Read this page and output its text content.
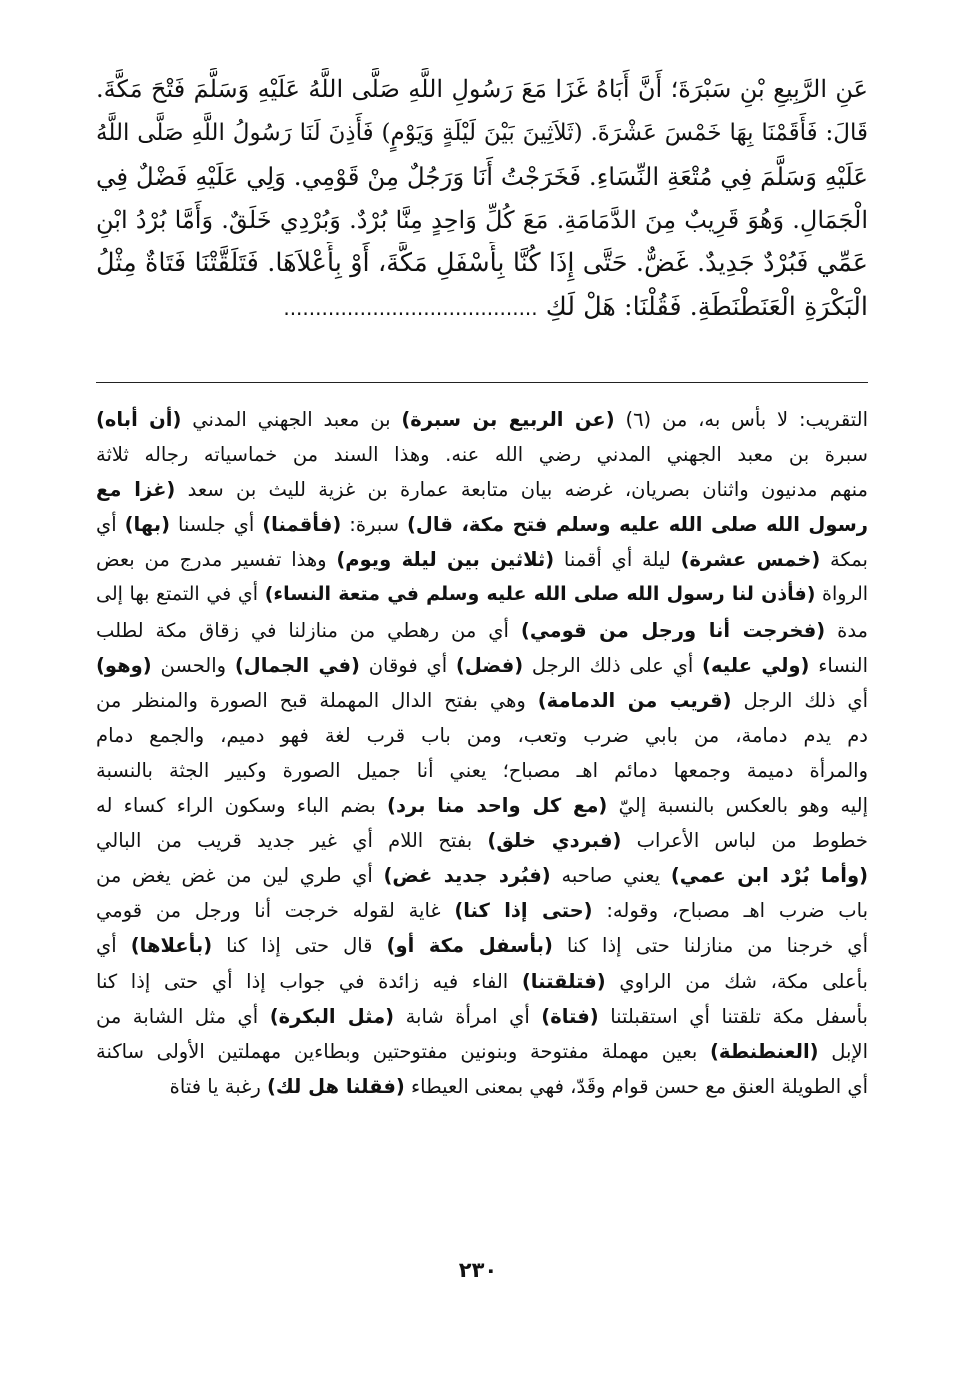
عَنِ الرَّبِيعِ بْنِ سَبْرَةَ؛ أَنَّ أَبَاهُ غَزَا مَعَ رَسُولِ اللَّهِ صَلَّى اللَّهُ عَلَيْهِ وَسَلَّمَ فَتْحَ مَكَّةَ.
قَالَ: فَأَقَمْنَا بِهَا خَمْسَ عَشْرَةَ. (ثَلاَثِينَ بَيْنَ لَيْلَةٍ وَيَوْمٍ) فَأَذِنَ لَنَا رَسُولُ اللَّهِ صَلَّى اللَّهُ
عَلَيْهِ وَسَلَّمَ فِي مُتْعَةِ النِّسَاءِ. فَخَرَجْتُ أَنَا وَرَجُلٌ مِنْ قَوْمِي. وَلِي عَلَيْهِ فَضْلٌ فِي
الْجَمَالِ. وَهُوَ قَرِيبٌ مِنَ الدَّمَامَةِ. مَعَ كُلِّ وَاحِدٍ مِنَّا بُرْدٌ. وَبُرْدِي خَلَقٌ. وَأَمَّا بُرْدُ ابْنِ
عَمِّي فَبُرْدٌ جَدِيدٌ. غَضٌّ. حَتَّى إِذَا كُنَّا بِأَسْفَلِ مَكَّةَ، أَوْ بِأَعْلاَهَا. فَتَلَقَّتْنَا فَتَاةٌ مِثْلُ
الْبَكْرَةِ الْعَنَطْنَطَةِ. فَقُلْنَا: هَلْ لَكِ ........................................
التقريب: لا بأس به، من (٦) (عن الربيع بن سبرة) بن معبد الجهني المدني (أن أباه)
سبرة بن معبد الجهني المدني رضي الله عنه. وهذا السند من خماسياته رجاله ثلاثة
منهم مدنيون واثنان بصريان، غرضه بيان متابعة عمارة بن غزية لليث بن سعد (غزا مع
رسول الله صلى الله عليه وسلم فتح مكة، قال) سبرة: (فأقمنا) أي جلسنا (بها) أي
بمكة (خمس عشرة) ليلة أي أقمنا (ثلاثين بين ليلة ويوم) وهذا تفسير مدرج من بعض
الرواة (فأذن لنا رسول الله صلى الله عليه وسلم في متعة النساء) أي في التمتع بها إلى
مدة (فخرجت أنا ورجل من قومي) أي من رهطي من منازلنا في زقاق مكة لطلب
النساء (ولي عليه) أي على ذلك الرجل (فضل) أي فوقان (في الجمال) والحسن (وهو)
أي ذلك الرجل (قريب من الدمامة) وهي بفتح الدال المهملة قبح الصورة والمنظر من
دم يدم دمامة، من بابي ضرب وتعب، ومن باب قرب لغة فهو دميم، والجمع دمام
والمرأة دميمة وجمعها دمائم اهـ مصباح؛ يعني أنا جميل الصورة وكبير الجثة بالنسبة
إليه وهو بالعكس بالنسبة إليّ (مع كل واحد منا برد) بضم الباء وسكون الراء كساء له
خطوط من لباس الأعراب (فبردي خلق) بفتح اللام أي غير جديد قريب من البالي
(وأما بُرْد ابن عمي) يعني صاحبه (فبُرد جديد غض) أي طري لين من غض يغض من
باب ضرب اهـ مصباح، وقوله: (حتى إذا كنا) غاية لقوله خرجت أنا ورجل من قومي
أي خرجنا من منازلنا حتى إذا كنا (بأسفل مكة أو) قال حتى إذا كنا (بأعلاها) أي
بأعلى مكة، شك من الراوي (فتلقتنا) الفاء فيه زائدة في جواب إذا أي حتى إذا كنا
بأسفل مكة تلقتنا أي استقبلتنا (فتاة) أي امرأة شابة (مثل البكرة) أي مثل الشابة من
الإبل (العنطنطة) بعين مهملة مفتوحة وبنونين مفتوحتين وبطاءين مهملتين الأولى ساكنة
أي الطويلة العنق مع حسن قوام وقَدّ، فهي بمعنى العيطاء (فقلنا هل لك) رغبة يا فتاة
٢٣٠
